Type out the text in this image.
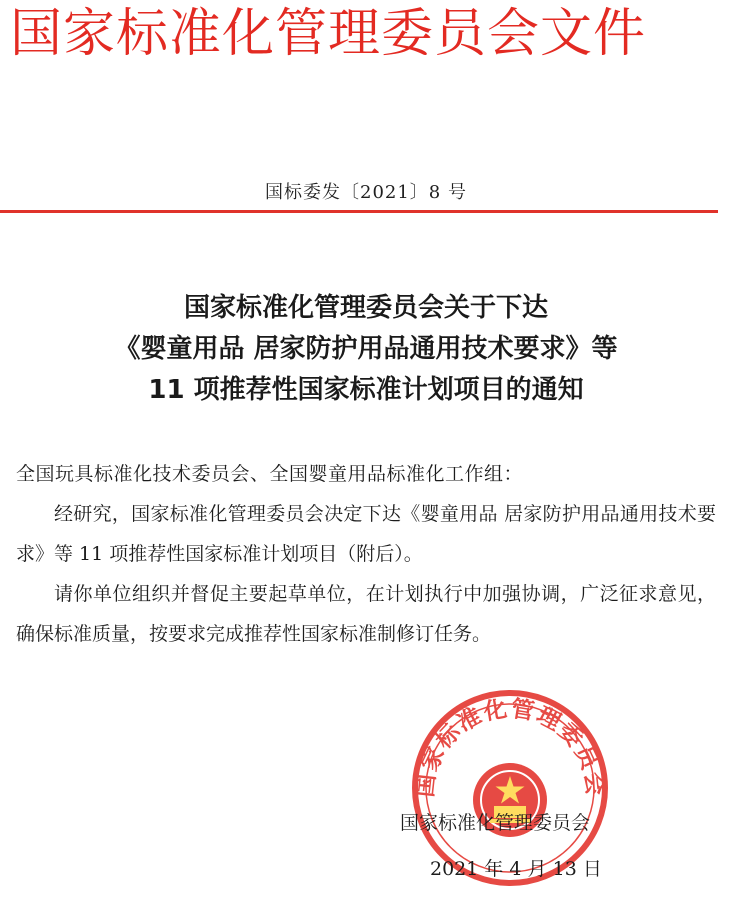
国家标准化管理委员会文件
国标委发〔2021〕8 号
国家标准化管理委员会关于下达
《婴童用品 居家防护用品通用技术要求》等
11 项推荐性国家标准计划项目的通知

全国玩具标准化技术委员会、全国婴童用品标准化工作组：

经研究，国家标准化管理委员会决定下达《婴童用品 居家防护用品通用技术要求》等 11 项推荐性国家标准计划项目（附后）。

请你单位组织并督促主要起草单位，在计划执行中加强协调，广泛征求意见，确保标准质量，按要求完成推荐性国家标准制修订任务。

国家标准化管理委员会
国家标准化管理委员会
2021 年 4 月 13 日
